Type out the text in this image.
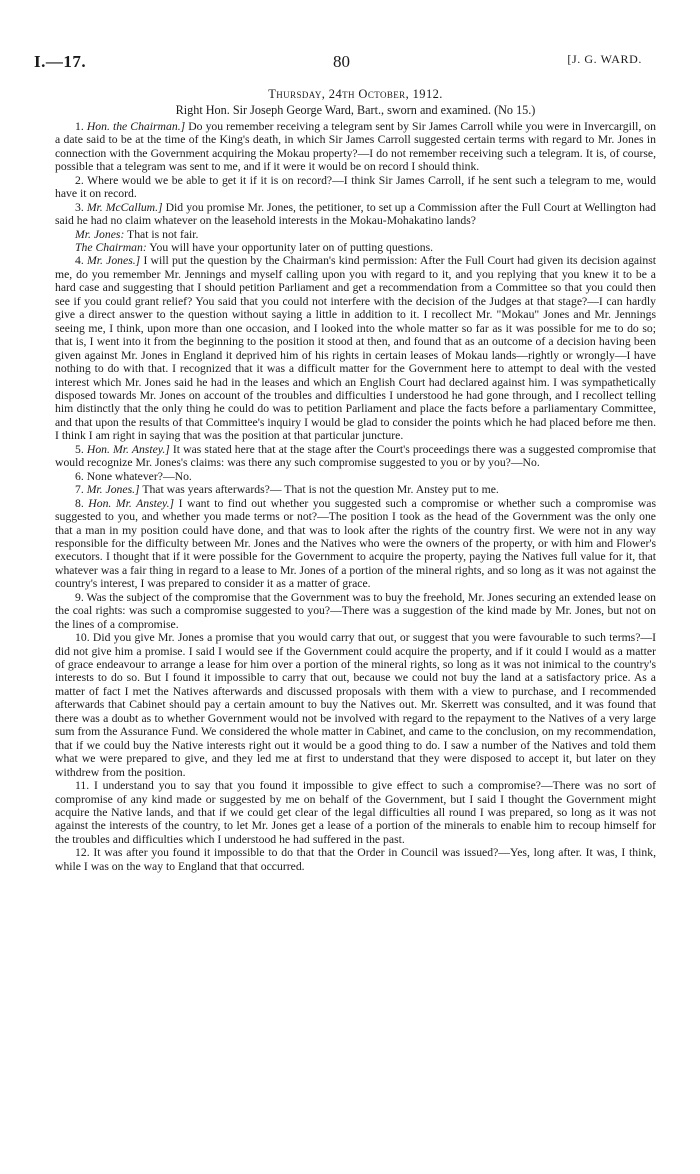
I.—17.	80	[J. G. WARD.

Thursday, 24th October, 1912.

Right Hon. Sir Joseph George Ward, Bart., sworn and examined. (No 15.)

1. Hon. the Chairman.] Do you remember receiving a telegram sent by Sir James Carroll while you were in Invercargill, on a date said to be at the time of the King's death, in which Sir James Carroll suggested certain terms with regard to Mr. Jones in connection with the Government acquiring the Mokau property?—I do not remember receiving such a telegram. It is, of course, possible that a telegram was sent to me, and if it were it would be on record I should think.

2. Where would we be able to get it if it is on record?—I think Sir James Carroll, if he sent such a telegram to me, would have it on record.

3. Mr. McCallum.] Did you promise Mr. Jones, the petitioner, to set up a Commission after the Full Court at Wellington had said he had no claim whatever on the leasehold interests in the Mokau-Mohakatino lands?

Mr. Jones: That is not fair.

The Chairman: You will have your opportunity later on of putting questions.

4. Mr. Jones.] I will put the question by the Chairman's kind permission: After the Full Court had given its decision against me, do you remember Mr. Jennings and myself calling upon you with regard to it, and you replying that you knew it to be a hard case and suggesting that I should petition Parliament and get a recommendation from a Committee so that you could then see if you could grant relief? You said that you could not interfere with the decision of the Judges at that stage?—I can hardly give a direct answer to the question without saying a little in addition to it. I recollect Mr. "Mokau" Jones and Mr. Jennings seeing me, I think, upon more than one occasion, and I looked into the whole matter so far as it was possible for me to do so; that is, I went into it from the beginning to the position it stood at then, and found that as an outcome of a decision having been given against Mr. Jones in England it deprived him of his rights in certain leases of Mokau lands—rightly or wrongly—I have nothing to do with that. I recognized that it was a difficult matter for the Government here to attempt to deal with the vested interest which Mr. Jones said he had in the leases and which an English Court had declared against him. I was sympathetically disposed towards Mr. Jones on account of the troubles and difficulties I understood he had gone through, and I recollect telling him distinctly that the only thing he could do was to petition Parliament and place the facts before a parliamentary Committee, and that upon the results of that Committee's inquiry I would be glad to consider the points which he had placed before me then. I think I am right in saying that was the position at that particular juncture.

5. Hon. Mr. Anstey.] It was stated here that at the stage after the Court's proceedings there was a suggested compromise that would recognize Mr. Jones's claims: was there any such compromise suggested to you or by you?—No.

6. None whatever?—No.

7. Mr. Jones.] That was years afterwards?— That is not the question Mr. Anstey put to me.

8. Hon. Mr. Anstey.] I want to find out whether you suggested such a compromise or whether such a compromise was suggested to you, and whether you made terms or not?—The position I took as the head of the Government was the only one that a man in my position could have done, and that was to look after the rights of the country first. We were not in any way responsible for the difficulty between Mr. Jones and the Natives who were the owners of the property, or with him and Flower's executors. I thought that if it were possible for the Government to acquire the property, paying the Natives full value for it, that whatever was a fair thing in regard to a lease to Mr. Jones of a portion of the mineral rights, and so long as it was not against the country's interest, I was prepared to consider it as a matter of grace.

9. Was the subject of the compromise that the Government was to buy the freehold, Mr. Jones securing an extended lease on the coal rights: was such a compromise suggested to you?—There was a suggestion of the kind made by Mr. Jones, but not on the lines of a compromise.

10. Did you give Mr. Jones a promise that you would carry that out, or suggest that you were favourable to such terms?—I did not give him a promise. I said I would see if the Government could acquire the property, and if it could I would as a matter of grace endeavour to arrange a lease for him over a portion of the mineral rights, so long as it was not inimical to the country's interests to do so. But I found it impossible to carry that out, because we could not buy the land at a satisfactory price. As a matter of fact I met the Natives afterwards and discussed proposals with them with a view to purchase, and I recommended afterwards that Cabinet should pay a certain amount to buy the Natives out. Mr. Skerrett was consulted, and it was found that there was a doubt as to whether Government would not be involved with regard to the repayment to the Natives of a very large sum from the Assurance Fund. We considered the whole matter in Cabinet, and came to the conclusion, on my recommendation, that if we could buy the Native interests right out it would be a good thing to do. I saw a number of the Natives and told them what we were prepared to give, and they led me at first to understand that they were disposed to accept it, but later on they withdrew from the position.

11. I understand you to say that you found it impossible to give effect to such a compromise?—There was no sort of compromise of any kind made or suggested by me on behalf of the Government, but I said I thought the Government might acquire the Native lands, and that if we could get clear of the legal difficulties all round I was prepared, so long as it was not against the interests of the country, to let Mr. Jones get a lease of a portion of the minerals to enable him to recoup himself for the troubles and difficulties which I understood he had suffered in the past.

12. It was after you found it impossible to do that that the Order in Council was issued?—Yes, long after. It was, I think, while I was on the way to England that that occurred.
